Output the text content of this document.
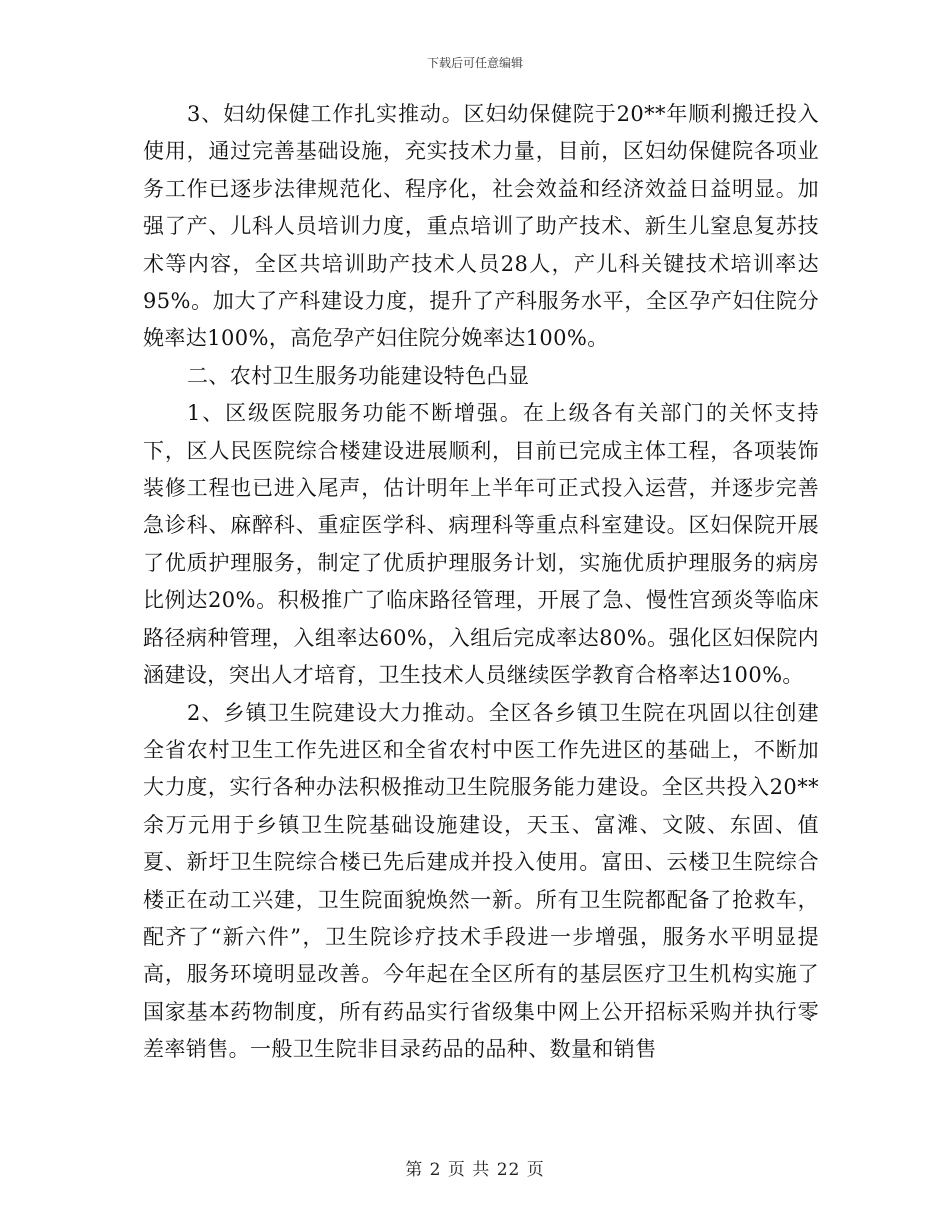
下载后可任意编辑

3、妇幼保健工作扎实推动。区妇幼保健院于20**年顺利搬迁投入使用，通过完善基础设施，充实技术力量，目前，区妇幼保健院各项业务工作已逐步法律规范化、程序化，社会效益和经济效益日益明显。加强了产、儿科人员培训力度，重点培训了助产技术、新生儿窒息复苏技术等内容，全区共培训助产技术人员28人，产儿科关键技术培训率达95%。加大了产科建设力度，提升了产科服务水平，全区孕产妇住院分娩率达100%，高危孕产妇住院分娩率达100%。

二、农村卫生服务功能建设特色凸显

1、区级医院服务功能不断增强。在上级各有关部门的关怀支持下，区人民医院综合楼建设进展顺利，目前已完成主体工程，各项装饰装修工程也已进入尾声，估计明年上半年可正式投入运营，并逐步完善急诊科、麻醉科、重症医学科、病理科等重点科室建设。区妇保院开展了优质护理服务，制定了优质护理服务计划，实施优质护理服务的病房比例达20%。积极推广了临床路径管理，开展了急、慢性宫颈炎等临床路径病种管理，入组率达60%，入组后完成率达80%。强化区妇保院内涵建设，突出人才培育，卫生技术人员继续医学教育合格率达100%。

2、乡镇卫生院建设大力推动。全区各乡镇卫生院在巩固以往创建全省农村卫生工作先进区和全省农村中医工作先进区的基础上，不断加大力度，实行各种办法积极推动卫生院服务能力建设。全区共投入20**余万元用于乡镇卫生院基础设施建设，天玉、富滩、文陂、东固、值夏、新圩卫生院综合楼已先后建成并投入使用。富田、云楼卫生院综合楼正在动工兴建，卫生院面貌焕然一新。所有卫生院都配备了抢救车，配齐了“新六件”，卫生院诊疗技术手段进一步增强，服务水平明显提高，服务环境明显改善。今年起在全区所有的基层医疗卫生机构实施了国家基本药物制度，所有药品实行省级集中网上公开招标采购并执行零差率销售。一般卫生院非目录药品的品种、数量和销售

第 2 页 共 22 页
